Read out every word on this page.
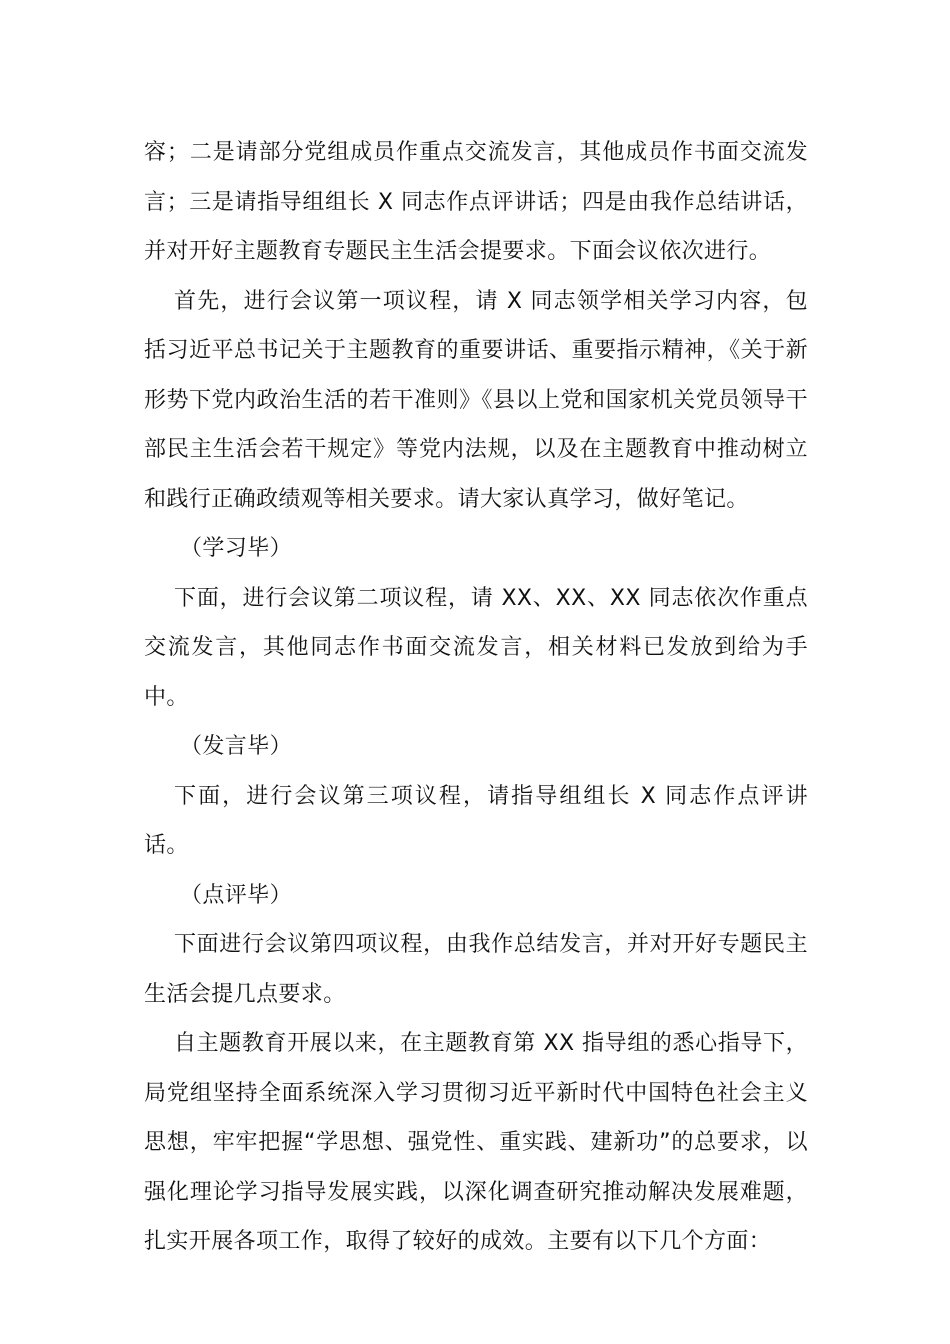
容；二是请部分党组成员作重点交流发言，其他成员作书面交流发言；三是请指导组组长 X 同志作点评讲话；四是由我作总结讲话，并对开好主题教育专题民主生活会提要求。下面会议依次进行。

首先，进行会议第一项议程，请 X 同志领学相关学习内容，包括习近平总书记关于主题教育的重要讲话、重要指示精神，《关于新形势下党内政治生活的若干准则》《县以上党和国家机关党员领导干部民主生活会若干规定》等党内法规，以及在主题教育中推动树立和践行正确政绩观等相关要求。请大家认真学习，做好笔记。

（学习毕）

下面，进行会议第二项议程，请 XX、XX、XX 同志依次作重点交流发言，其他同志作书面交流发言，相关材料已发放到给为手中。

（发言毕）

下面，进行会议第三项议程，请指导组组长 X 同志作点评讲话。

（点评毕）

下面进行会议第四项议程，由我作总结发言，并对开好专题民主生活会提几点要求。

自主题教育开展以来，在主题教育第 XX 指导组的悉心指导下，局党组坚持全面系统深入学习贯彻习近平新时代中国特色社会主义思想，牢牢把握“学思想、强党性、重实践、建新功”的总要求，以强化理论学习指导发展实践，以深化调查研究推动解决发展难题，扎实开展各项工作，取得了较好的成效。主要有以下几个方面：
